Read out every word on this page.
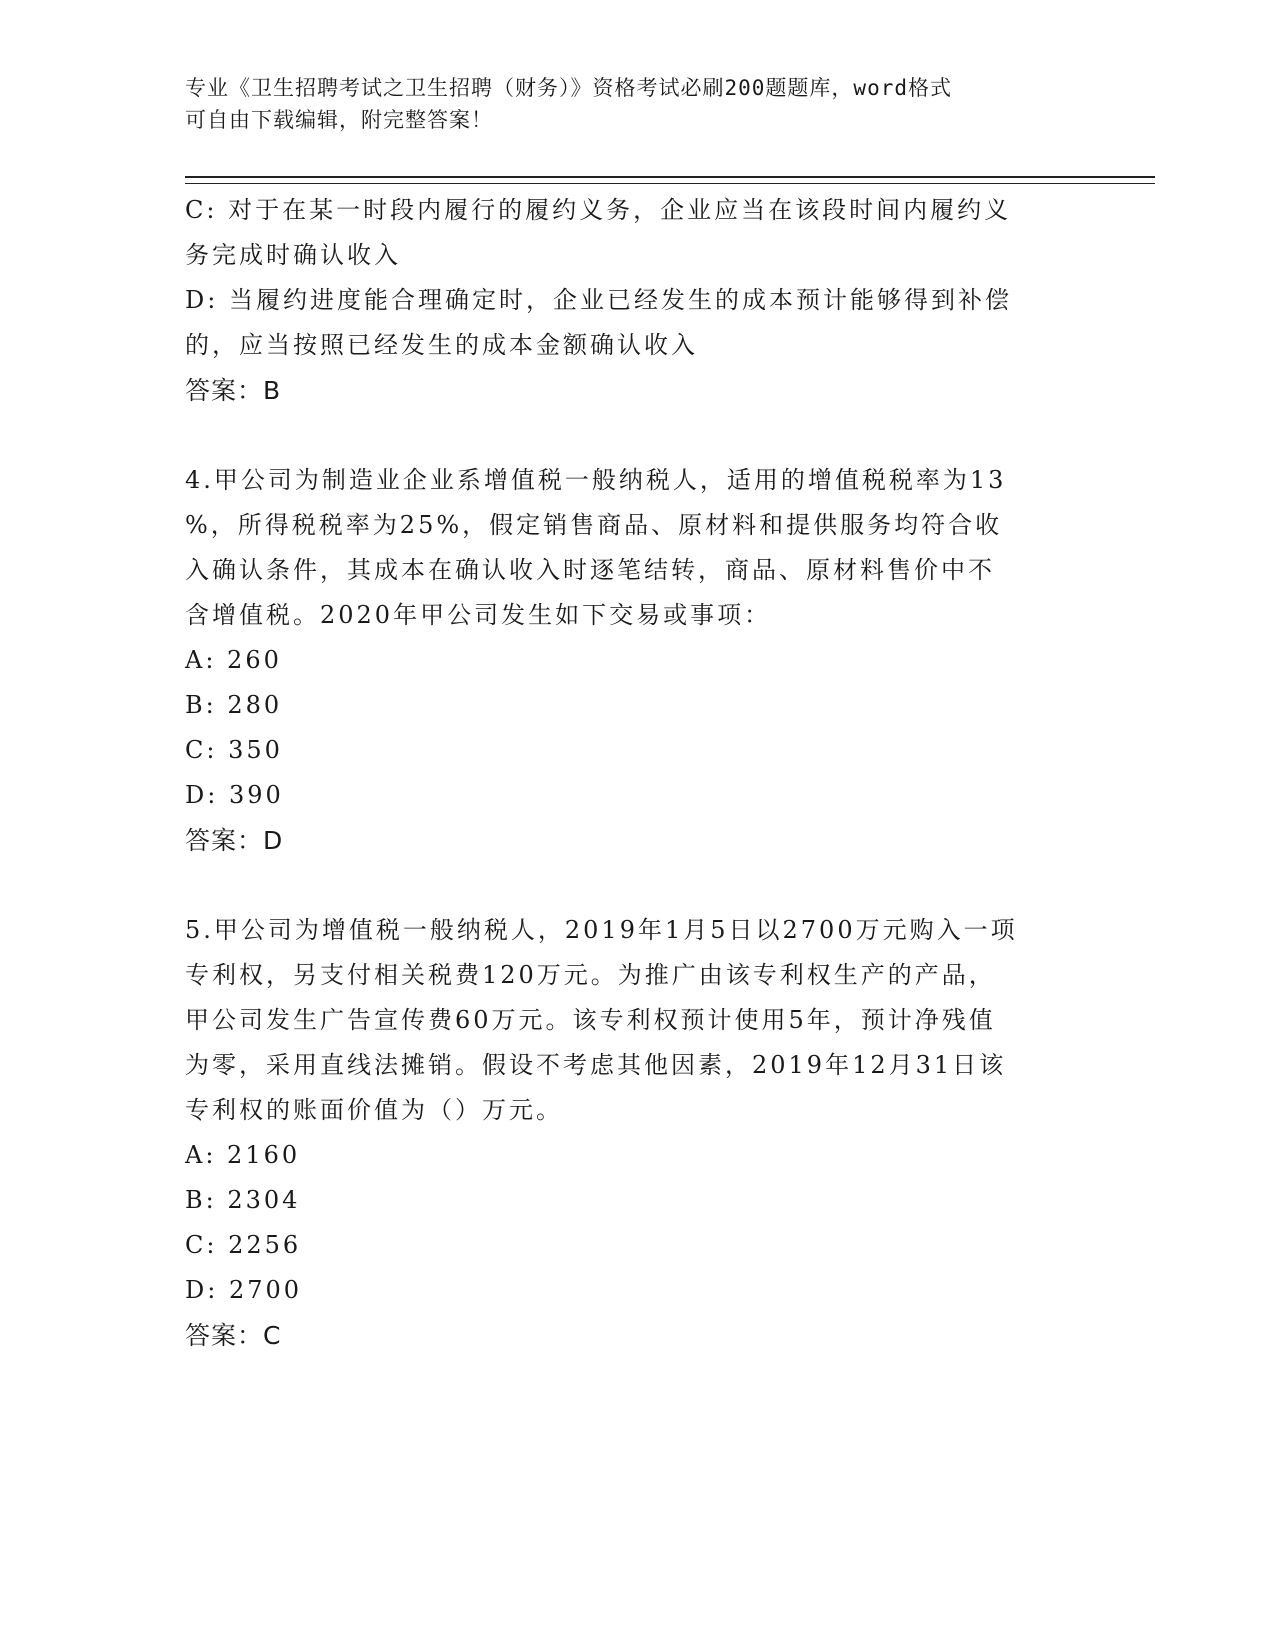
专业《卫生招聘考试之卫生招聘（财务）》资格考试必刷200题题库，word格式
可自由下载编辑，附完整答案！

C: 对于在某一时段内履行的履约义务，企业应当在该段时间内履约义

务完成时确认收入

D: 当履约进度能合理确定时，企业已经发生的成本预计能够得到补偿

的，应当按照已经发生的成本金额确认收入

答案：B

4.甲公司为制造业企业系增值税一般纳税人，适用的增值税税率为13

%，所得税税率为25%，假定销售商品、原材料和提供服务均符合收

入确认条件，其成本在确认收入时逐笔结转，商品、原材料售价中不

含增值税。2020年甲公司发生如下交易或事项：

A: 260

B: 280

C: 350

D: 390

答案：D

5.甲公司为增值税一般纳税人，2019年1月5日以2700万元购入一项

专利权，另支付相关税费120万元。为推广由该专利权生产的产品，

甲公司发生广告宣传费60万元。该专利权预计使用5年，预计净残值

为零，采用直线法摊销。假设不考虑其他因素，2019年12月31日该

专利权的账面价值为（）万元。

A: 2160

B: 2304

C: 2256

D: 2700

答案：C
